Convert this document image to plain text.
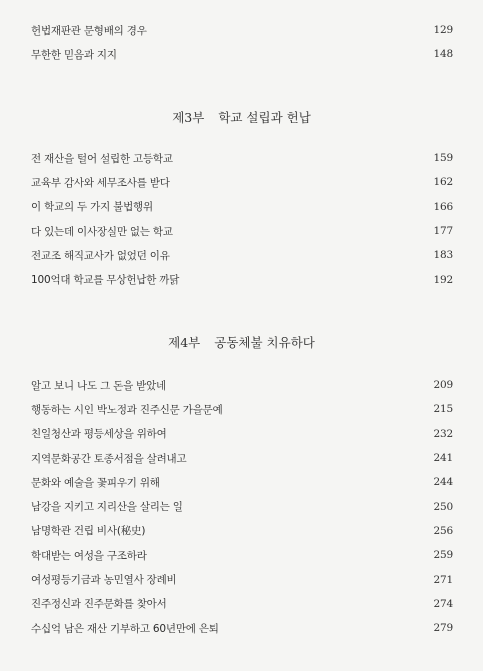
헌법재판관 문형배의 경우	129
무한한 믿음과 지지	148
제3부 학교 설립과 헌납
전 재산을 털어 설립한 고등학교	159
교육부 감사와 세무조사를 받다	162
이 학교의 두 가지 불법행위	166
다 있는데 이사장실만 없는 학교	177
전교조 해직교사가 없었던 이유	183
100억대 학교를 무상헌납한 까닭	192
제4부 공동체불 치유하다
알고 보니 나도 그 돈을 받았네	209
행동하는 시인 박노정과 진주신문 가을문예	215
친일청산과 평등세상을 위하여	232
지역문화공간 토종서점을 살려내고	241
문화와 예술을 꽃피우기 위해	244
남강을 지키고 지리산을 살리는 일	250
남명학관 건립 비사(秘史)	256
학대받는 여성을 구조하라	259
여성평등기금과 농민열사 장례비	271
진주정신과 진주문화를 찾아서	274
수십억 남은 재산 기부하고 60년만에 은퇴	279
